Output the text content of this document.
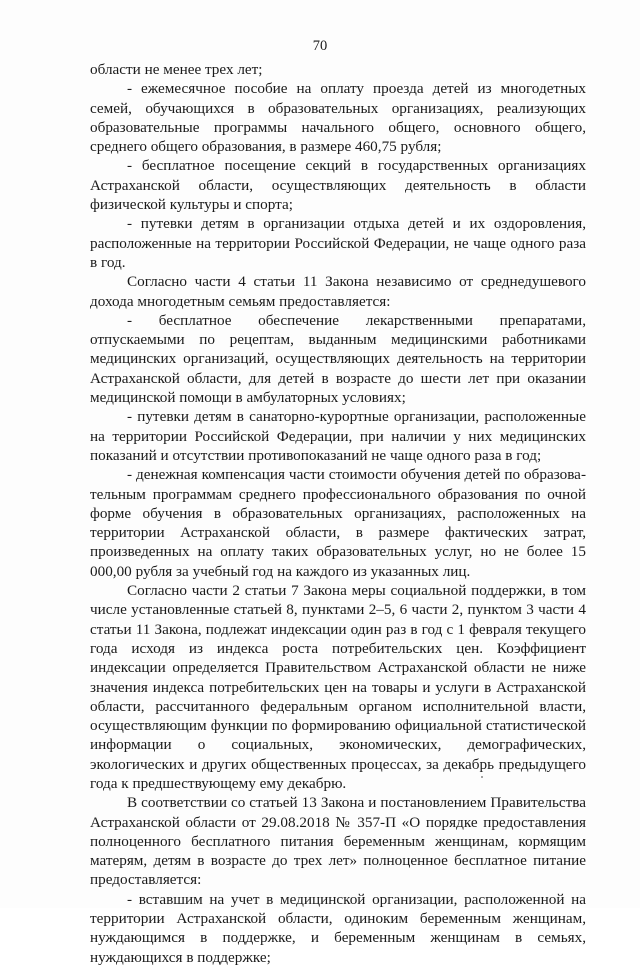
70

области не менее трех лет;

- ежемесячное пособие на оплату проезда детей из многодетных семей, обучающихся в образовательных организациях, реализующих образовательные программы начального общего, основного общего, среднего общего образования, в размере 460,75 рубля;

- бесплатное посещение секций в государственных организациях Астраханской области, осуществляющих деятельность в области физической культуры и спорта;

- путевки детям в организации отдыха детей и их оздоровления, расположенные на территории Российской Федерации, не чаще одного раза в год.

Согласно части 4 статьи 11 Закона независимо от среднедушевого дохода многодетным семьям предоставляется:

- бесплатное обеспечение лекарственными препаратами, отпускаемыми по рецептам, выданным медицинскими работниками медицинских организаций, осуществляющих деятельность на территории Астраханской области, для детей в возрасте до шести лет при оказании медицинской помощи в амбулаторных условиях;

- путевки детям в санаторно-курортные организации, расположенные на территории Российской Федерации, при наличии у них медицинских показаний и отсутствии противопоказаний не чаще одного раза в год;

- денежная компенсация части стоимости обучения детей по образовательным программам среднего профессионального образования по очной форме обучения в образовательных организациях, расположенных на территории Астраханской области, в размере фактических затрат, произведенных на оплату таких образовательных услуг, но не более 15 000,00 рубля за учебный год на каждого из указанных лиц.

Согласно части 2 статьи 7 Закона меры социальной поддержки, в том числе установленные статьей 8, пунктами 2–5, 6 части 2, пунктом 3 части 4 статьи 11 Закона, подлежат индексации один раз в год с 1 февраля текущего года исходя из индекса роста потребительских цен. Коэффициент индексации определяется Правительством Астраханской области не ниже значения индекса потребительских цен на товары и услуги в Астраханской области, рассчитанного федеральным органом исполнительной власти, осуществляющим функции по формированию официальной статистической информации о социальных, экономических, демографических, экологических и других общественных процессах, за декабрь предыдущего года к предшествующему ему декабрю.

В соответствии со статьей 13 Закона и постановлением Правительства Астраханской области от 29.08.2018 № 357-П «О порядке предоставления полноценного бесплатного питания беременным женщинам, кормящим матерям, детям в возрасте до трех лет» полноценное бесплатное питание предоставляется:

- вставшим на учет в медицинской организации, расположенной на территории Астраханской области, одиноким беременным женщинам, нуждающимся в поддержке, и беременным женщинам в семьях, нуждающихся в поддержке;
